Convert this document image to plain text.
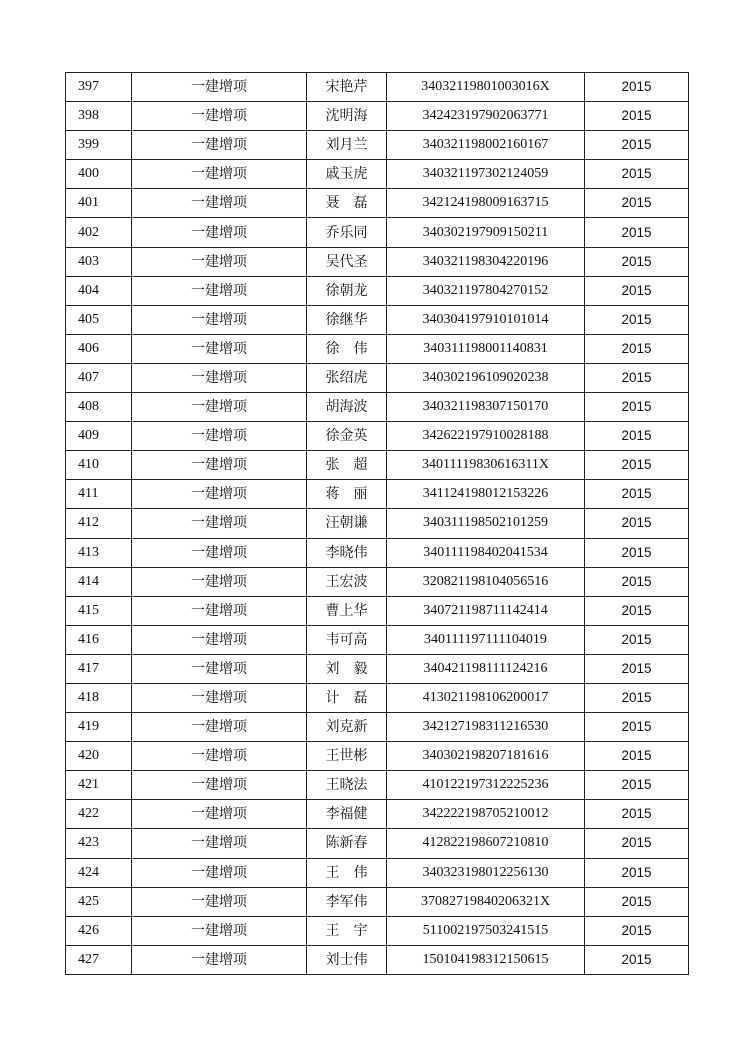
397	一建增项	宋艳芹	34032119801003016X	2015
398	一建增项	沈明海	342423197902063771	2015
399	一建增项	刘月兰	340321198002160167	2015
400	一建增项	戚玉虎	340321197302124059	2015
401	一建增项	聂　磊	342124198009163715	2015
402	一建增项	乔乐同	340302197909150211	2015
403	一建增项	吴代圣	340321198304220196	2015
404	一建增项	徐朝龙	340321197804270152	2015
405	一建增项	徐继华	340304197910101014	2015
406	一建增项	徐　伟	340311198001140831	2015
407	一建增项	张绍虎	340302196109020238	2015
408	一建增项	胡海波	340321198307150170	2015
409	一建增项	徐金英	342622197910028188	2015
410	一建增项	张　超	34011119830616311X	2015
411	一建增项	蒋　丽	341124198012153226	2015
412	一建增项	汪朝谦	340311198502101259	2015
413	一建增项	李晓伟	340111198402041534	2015
414	一建增项	王宏波	320821198104056516	2015
415	一建增项	曹上华	340721198711142414	2015
416	一建增项	韦可高	340111197111104019	2015
417	一建增项	刘　毅	340421198111124216	2015
418	一建增项	计　磊	413021198106200017	2015
419	一建增项	刘克新	342127198311216530	2015
420	一建增项	王世彬	340302198207181616	2015
421	一建增项	王晓法	410122197312225236	2015
422	一建增项	李福健	342222198705210012	2015
423	一建增项	陈新春	412822198607210810	2015
424	一建增项	王　伟	340323198012256130	2015
425	一建增项	李军伟	37082719840206321X	2015
426	一建增项	王　宇	511002197503241515	2015
427	一建增项	刘士伟	150104198312150615	2015
